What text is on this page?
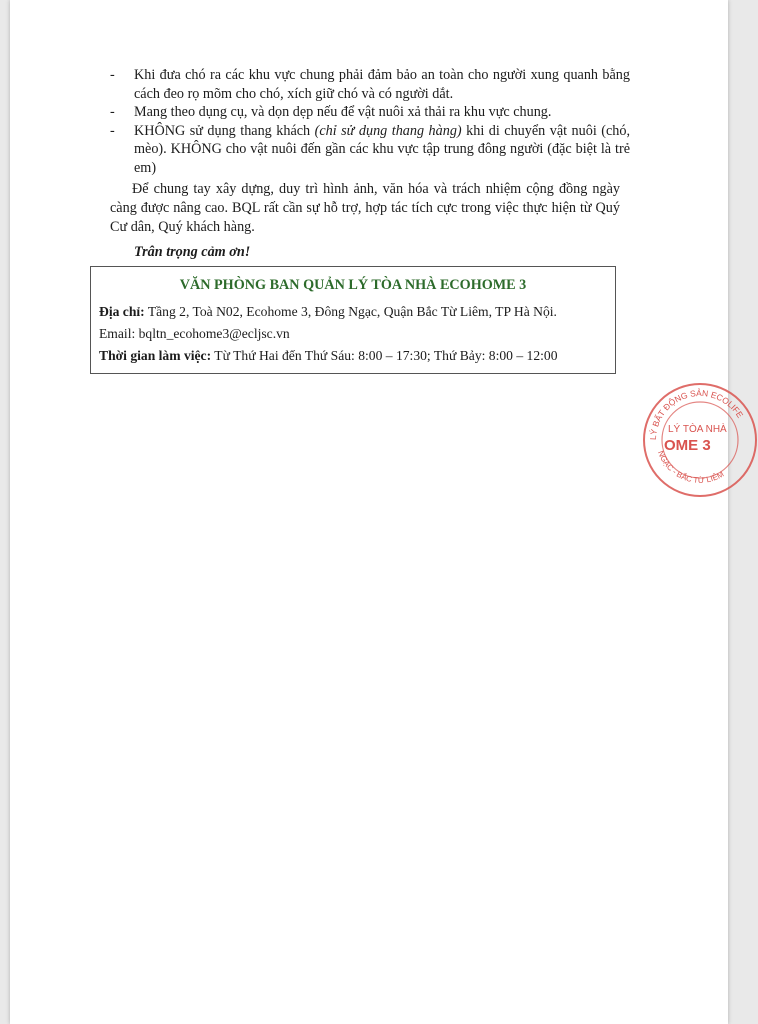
- Khi đưa chó ra các khu vực chung phải đảm bảo an toàn cho người xung quanh bằng cách đeo rọ mõm cho chó, xích giữ chó và có người dắt.
- Mang theo dụng cụ, và dọn dẹp nếu để vật nuôi xả thải ra khu vực chung.
- KHÔNG sử dụng thang khách (chỉ sử dụng thang hàng) khi di chuyển vật nuôi (chó, mèo). KHÔNG cho vật nuôi đến gần các khu vực tập trung đông người (đặc biệt là trẻ em)

Để chung tay xây dựng, duy trì hình ảnh, văn hóa và trách nhiệm cộng đồng ngày càng được nâng cao. BQL rất cần sự hỗ trợ, hợp tác tích cực trong việc thực hiện từ Quý Cư dân, Quý khách hàng.

Trân trọng cảm ơn!
VĂN PHÒNG BAN QUẢN LÝ TÒA NHÀ ECOHOME 3
Địa chỉ: Tầng 2, Toà N02, Ecohome 3, Đông Ngạc, Quận Bắc Từ Liêm, TP Hà Nội.
Email: bqltn_ecohome3@ecljsc.vn
Thời gian làm việc: Từ Thứ Hai đến Thứ Sáu: 8:00 – 17:30; Thứ Bảy: 8:00 – 12:00
LÝ BẤT ĐỘNG SẢN ECOLIFE
LÝ TÒA NHÀ
OME 3
NGẠC - BẮC TỪ LIÊM
